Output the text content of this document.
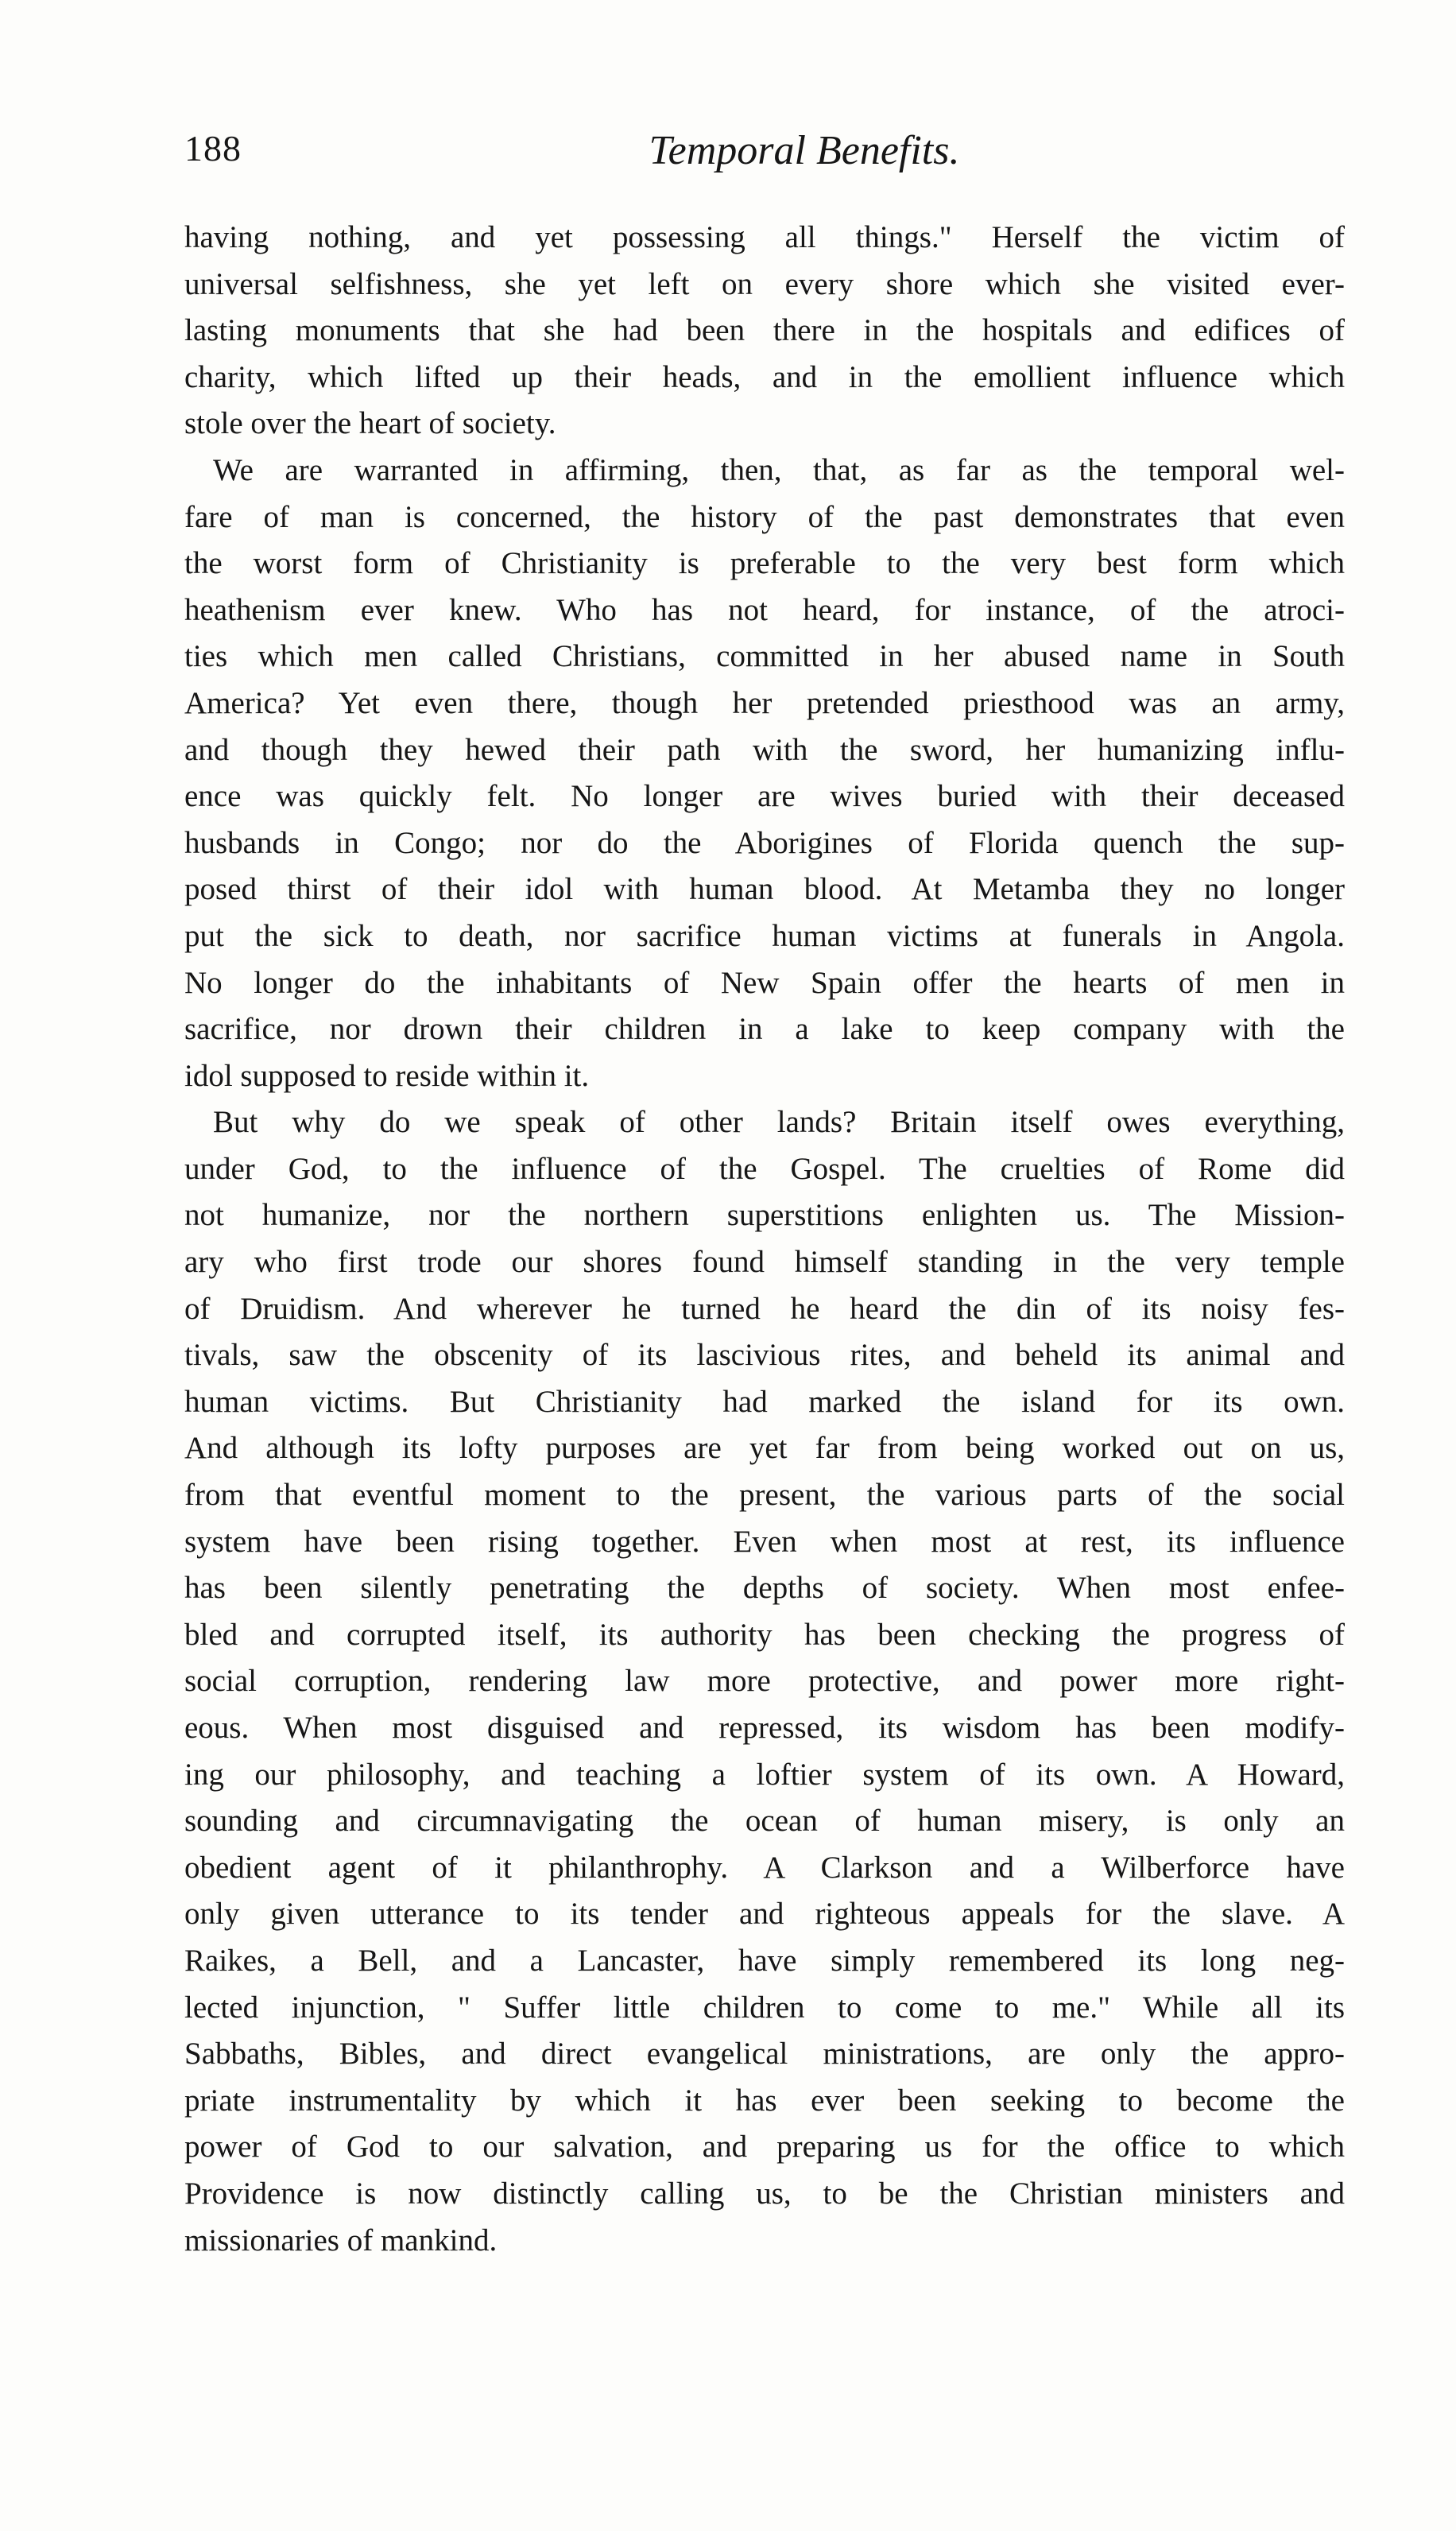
188	Temporal Benefits.
having nothing, and yet possessing all things." Herself the victim of
universal selfishness, she yet left on every shore which she visited ever-
lasting monuments that she had been there in the hospitals and edifices of
charity, which lifted up their heads, and in the emollient influence which
stole over the heart of society.
We are warranted in affirming, then, that, as far as the temporal wel-
fare of man is concerned, the history of the past demonstrates that even
the worst form of Christianity is preferable to the very best form which
heathenism ever knew. Who has not heard, for instance, of the atroci-
ties which men called Christians, committed in her abused name in South
America? Yet even there, though her pretended priesthood was an army,
and though they hewed their path with the sword, her humanizing influ-
ence was quickly felt. No longer are wives buried with their deceased
husbands in Congo; nor do the Aborigines of Florida quench the sup-
posed thirst of their idol with human blood. At Metamba they no longer
put the sick to death, nor sacrifice human victims at funerals in Angola.
No longer do the inhabitants of New Spain offer the hearts of men in
sacrifice, nor drown their children in a lake to keep company with the
idol supposed to reside within it.
But why do we speak of other lands? Britain itself owes everything,
under God, to the influence of the Gospel. The cruelties of Rome did
not humanize, nor the northern superstitions enlighten us. The Mission-
ary who first trode our shores found himself standing in the very temple
of Druidism. And wherever he turned he heard the din of its noisy fes-
tivals, saw the obscenity of its lascivious rites, and beheld its animal and
human victims. But Christianity had marked the island for its own.
And although its lofty purposes are yet far from being worked out on us,
from that eventful moment to the present, the various parts of the social
system have been rising together. Even when most at rest, its influence
has been silently penetrating the depths of society. When most enfee-
bled and corrupted itself, its authority has been checking the progress of
social corruption, rendering law more protective, and power more right-
eous. When most disguised and repressed, its wisdom has been modify-
ing our philosophy, and teaching a loftier system of its own. A Howard,
sounding and circumnavigating the ocean of human misery, is only an
obedient agent of it philanthrophy. A Clarkson and a Wilberforce have
only given utterance to its tender and righteous appeals for the slave. A
Raikes, a Bell, and a Lancaster, have simply remembered its long neg-
lected injunction, " Suffer little children to come to me." While all its
Sabbaths, Bibles, and direct evangelical ministrations, are only the appro-
priate instrumentality by which it has ever been seeking to become the
power of God to our salvation, and preparing us for the office to which
Providence is now distinctly calling us, to be the Christian ministers and
missionaries of mankind.
